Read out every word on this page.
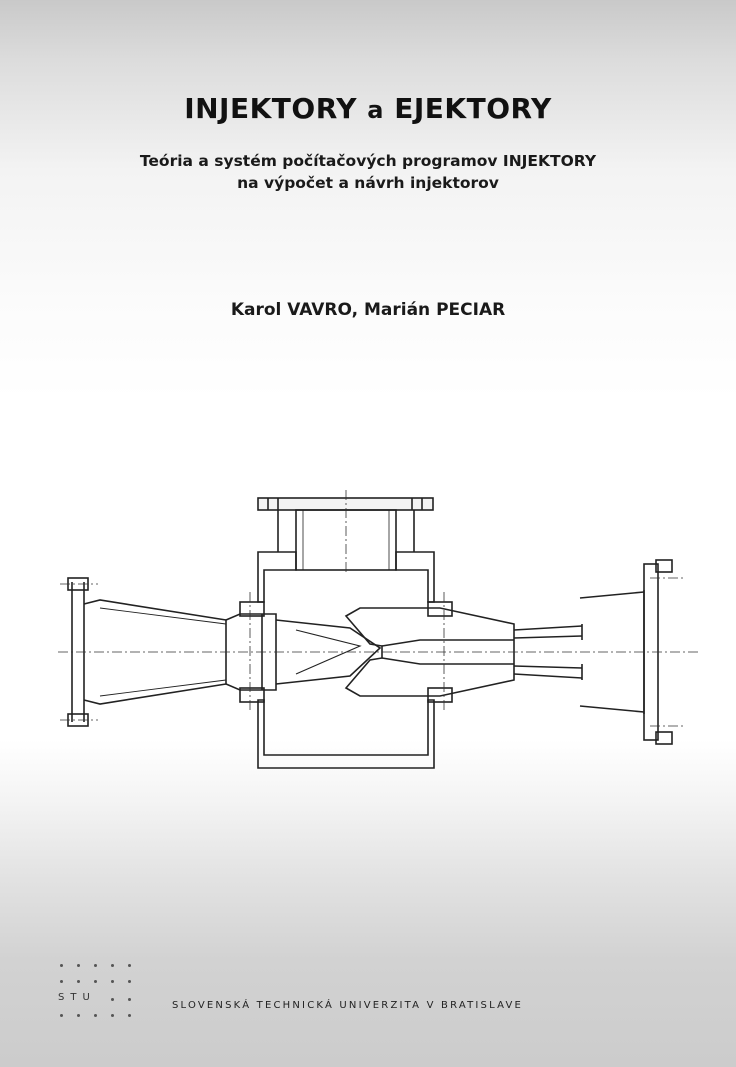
INJEKTORY a EJEKTORY
Teória a systém počítačových programov INJEKTORY
na výpočet a návrh injektorov
Karol VAVRO, Marián PECIAR
STU
SLOVENSKÁ TECHNICKÁ UNIVERZITA V BRATISLAVE
